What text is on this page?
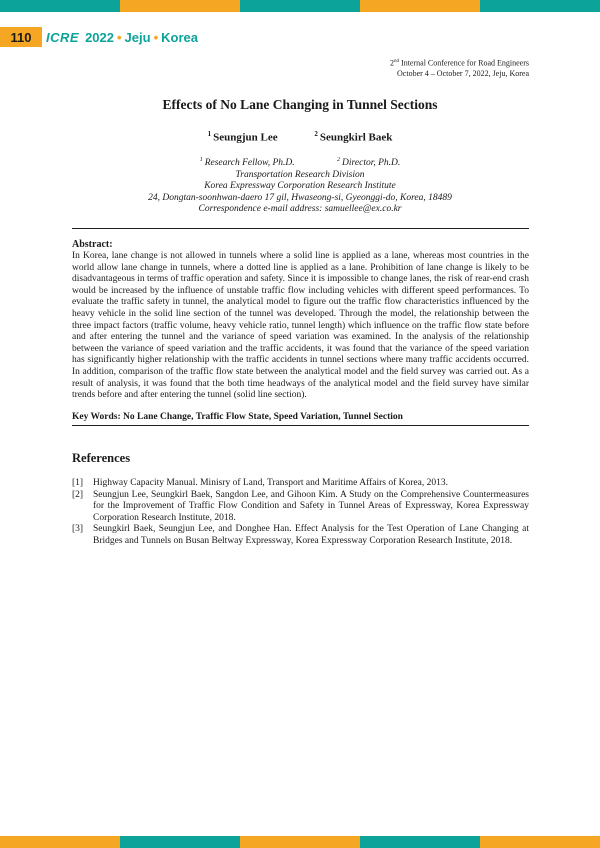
110	ICRE 2022 • Jeju • Korea
2nd Internal Conference for Road Engineers
October 4 – October 7, 2022, Jeju, Korea
Effects of No Lane Changing in Tunnel Sections
$^1$ Seungjun Lee	$^2$ Seungkirl Baek
$^1$ Research Fellow, Ph.D.	$^2$ Director, Ph.D.
Transportation Research Division
Korea Expressway Corporation Research Institute
24, Dongtan-soonhwan-daero 17 gil, Hwaseong-si, Gyeonggi-do, Korea, 18489
Correspondence e-mail address: samuellee@ex.co.kr
Abstract:
In Korea, lane change is not allowed in tunnels where a solid line is applied as a lane, whereas most countries in the world allow lane change in tunnels, where a dotted line is applied as a lane. Prohibition of lane change is likely to be disadvantageous in terms of traffic operation and safety. Since it is impossible to change lanes, the risk of rear-end crash would be increased by the influence of unstable traffic flow including vehicles with different speed performances. To evaluate the traffic safety in tunnel, the analytical model to figure out the traffic flow characteristics influenced by the heavy vehicle in the solid line section of the tunnel was developed. Through the model, the relationship between the three impact factors (traffic volume, heavy vehicle ratio, tunnel length) which influence on the traffic flow state before and after entering the tunnel and the variance of speed variation was examined. In the analysis of the relationship between the variance of speed variation and the traffic accidents, it was found that the variance of the speed variation has significantly higher relationship with the traffic accidents in tunnel sections where many traffic accidents occurred. In addition, comparison of the traffic flow state between the analytical model and the field survey was carried out. As a result of analysis, it was found that the both time headways of the analytical model and the field survey have similar trends before and after entering the tunnel (solid line section).
Key Words: No Lane Change, Traffic Flow State, Speed Variation, Tunnel Section
References
[1]	Highway Capacity Manual. Minisry of Land, Transport and Maritime Affairs of Korea, 2013.
[2]	Seungjun Lee, Seungkirl Baek, Sangdon Lee, and Gihoon Kim. A Study on the Comprehensive Countermeasures for the Improvement of Traffic Flow Condition and Safety in Tunnel Areas of Expressway, Korea Expressway Corporation Research Institute, 2018.
[3]	Seungkirl Baek, Seungjun Lee, and Donghee Han. Effect Analysis for the Test Operation of Lane Changing at Bridges and Tunnels on Busan Beltway Expressway, Korea Expressway Corporation Research Institute, 2018.
